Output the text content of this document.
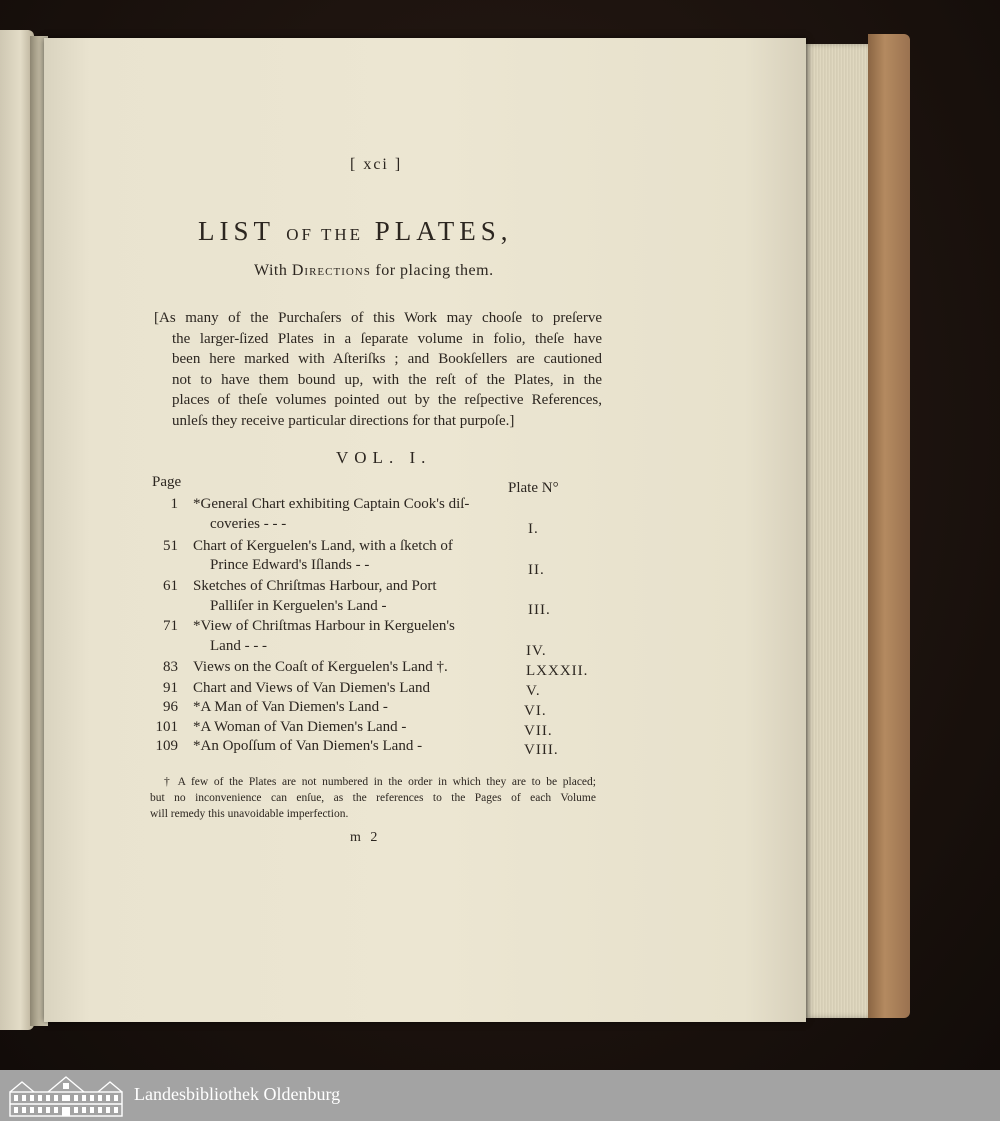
[ xci ]
LIST OF THE PLATES,
With Directions for placing them.
[As many of the Purchaſers of this Work may chooſe to preſerve
the larger-ſized Plates in a ſeparate volume in folio, theſe have
been here marked with Aſteriſks ; and Bookſellers are cautioned
not to have them bound up, with the reſt of the Plates, in the
places of theſe volumes pointed out by the reſpective References,
unleſs they receive particular directions for that purpoſe.]
VOL. I.
Page	Plate N°
1 *General Chart exhibiting Captain Cook's diſ-
coveries - - -	I.
51 Chart of Kerguelen's Land, with a ſketch of
Prince Edward's Iſlands - -	II.
61 Sketches of Chriſtmas Harbour, and Port
Palliſer in Kerguelen's Land -	III.
71 *View of Chriſtmas Harbour in Kerguelen's
Land - - -	IV.
83 Views on the Coaſt of Kerguelen's Land †.	LXXXII.
91 Chart and Views of Van Diemen's Land	V.
96 *A Man of Van Diemen's Land -	VI.
101 *A Woman of Van Diemen's Land -	VII.
109 *An Opoſſum of Van Diemen's Land -	VIII.
† A few of the Plates are not numbered in the order in which they are to be placed;
but no inconvenience can enſue, as the references to the Pages of each Volume
will remedy this unavoidable imperfection.
m 2
Landesbibliothek Oldenburg
